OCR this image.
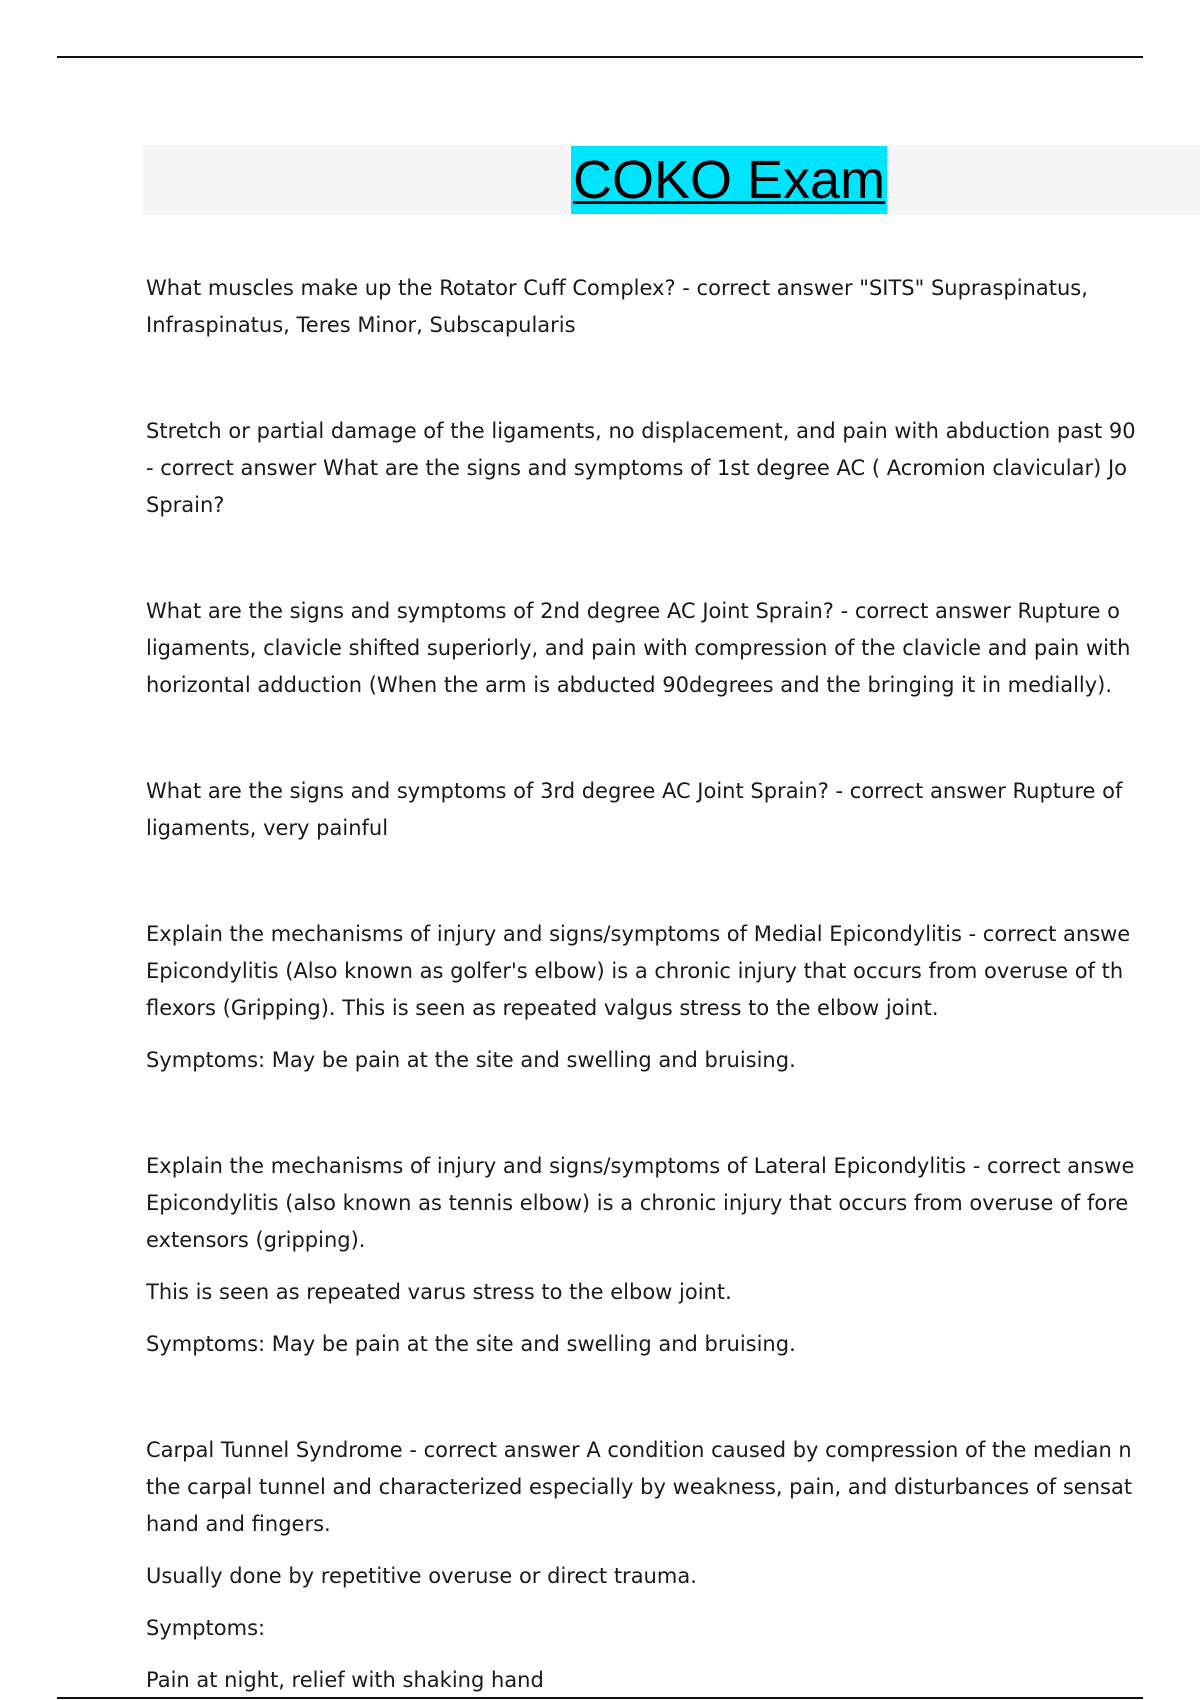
COKO Exam
What muscles make up the Rotator Cuff Complex? - correct answer "SITS" Supraspinatus,
Infraspinatus, Teres Minor, Subscapularis
Stretch or partial damage of the ligaments, no displacement, and pain with abduction past 90
- correct answer What are the signs and symptoms of 1st degree AC ( Acromion clavicular) Jo
Sprain?
What are the signs and symptoms of 2nd degree AC Joint Sprain? - correct answer Rupture o
ligaments, clavicle shifted superiorly, and pain with compression of the clavicle and pain with
horizontal adduction (When the arm is abducted 90degrees and the bringing it in medially).
What are the signs and symptoms of 3rd degree AC Joint Sprain? - correct answer Rupture of
ligaments, very painful
Explain the mechanisms of injury and signs/symptoms of Medial Epicondylitis - correct answe
Epicondylitis (Also known as golfer's elbow) is a chronic injury that occurs from overuse of th
flexors (Gripping). This is seen as repeated valgus stress to the elbow joint.
Symptoms: May be pain at the site and swelling and bruising.
Explain the mechanisms of injury and signs/symptoms of Lateral Epicondylitis - correct answe
Epicondylitis (also known as tennis elbow) is a chronic injury that occurs from overuse of fore
extensors (gripping).
This is seen as repeated varus stress to the elbow joint.
Symptoms: May be pain at the site and swelling and bruising.
Carpal Tunnel Syndrome - correct answer A condition caused by compression of the median n
the carpal tunnel and characterized especially by weakness, pain, and disturbances of sensat
hand and fingers.
Usually done by repetitive overuse or direct trauma.
Symptoms:
Pain at night, relief with shaking hand
